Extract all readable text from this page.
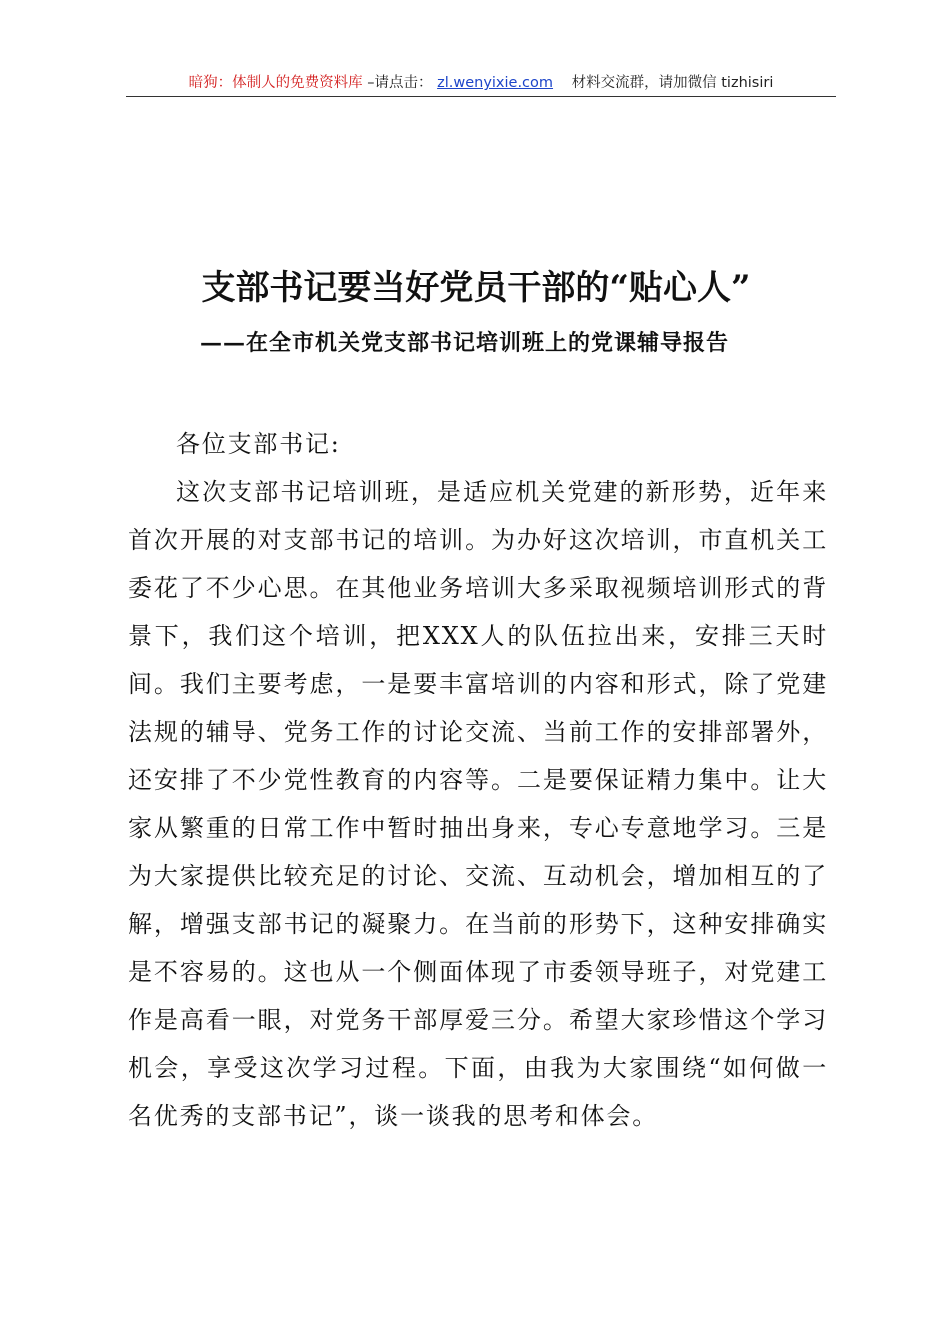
暗狗：体制人的免费资料库 –请点击： zl.wenyixie.com 材料交流群，请加微信 tizhisiri
支部书记要当好党员干部的“贴心人”
——在全市机关党支部书记培训班上的党课辅导报告

各位支部书记:

这次支部书记培训班，是适应机关党建的新形势，近年来首次开展的对支部书记的培训。为办好这次培训，市直机关工委花了不少心思。在其他业务培训大多采取视频培训形式的背景下，我们这个培训，把XXX人的队伍拉出来，安排三天时间。我们主要考虑，一是要丰富培训的内容和形式，除了党建法规的辅导、党务工作的讨论交流、当前工作的安排部署外，还安排了不少党性教育的内容等。二是要保证精力集中。让大家从繁重的日常工作中暂时抽出身来，专心专意地学习。三是为大家提供比较充足的讨论、交流、互动机会，增加相互的了解，增强支部书记的凝聚力。在当前的形势下，这种安排确实是不容易的。这也从一个侧面体现了市委领导班子，对党建工作是高看一眼，对党务干部厚爱三分。希望大家珍惜这个学习机会，享受这次学习过程。下面，由我为大家围绕“如何做一名优秀的支部书记”，谈一谈我的思考和体会。
